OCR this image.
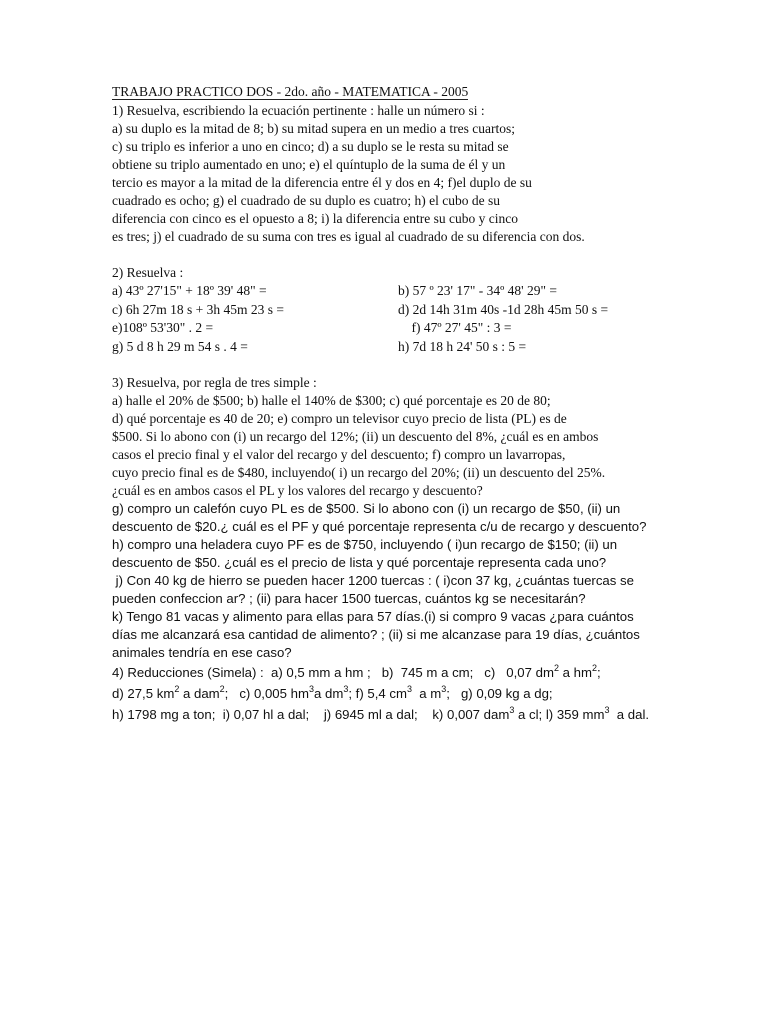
TRABAJO PRACTICO DOS - 2do. año - MATEMATICA - 2005
1) Resuelva, escribiendo la ecuación pertinente : halle un número si :
a) su duplo es la mitad de 8; b) su mitad supera en un medio a tres cuartos;
c) su triplo es inferior a uno en cinco; d) a su duplo se le resta su mitad se
obtiene su triplo aumentado en uno; e) el quíntuplo de la suma de él y un
tercio es mayor a la mitad de la diferencia entre él y dos en 4; f)el duplo de su
cuadrado es ocho; g) el cuadrado de su duplo es cuatro; h) el cubo de su
diferencia con cinco es el opuesto a 8; i) la diferencia entre su cubo y cinco
es tres; j) el cuadrado de su suma con tres es igual al cuadrado de su diferencia con dos.
2) Resuelva :
a) 43º 27'15" + 18º 39' 48" =	b) 57 º 23' 17" - 34º 48' 29" =
c) 6h 27m 18 s + 3h 45m 23 s =	d) 2d 14h 31m 40s -1d 28h 45m 50 s =
e)108º 53'30" . 2 =	f) 47º 27' 45" : 3 =
g) 5 d 8 h 29 m 54 s . 4 =	h) 7d 18 h 24' 50 s : 5 =
3) Resuelva, por regla de tres simple :
a) halle el 20% de $500; b) halle el 140% de $300; c) qué porcentaje es 20 de 80;
d) qué porcentaje es 40 de 20; e) compro un televisor cuyo precio de lista (PL) es de
$500. Si lo abono con (i) un recargo del 12%; (ii) un descuento del 8%, ¿cuál es en ambos
casos el precio final y el valor del recargo y del descuento; f) compro un lavarropas,
cuyo precio final es de $480, incluyendo( i) un recargo del 20%; (ii) un descuento del 25%.
¿cuál es en ambos casos el PL y los valores del recargo y descuento?
g) compro un calefón cuyo PL es de $500. Si lo abono con (i) un recargo de $50, (ii) un
descuento de $20.¿ cuál es el PF y qué porcentaje representa c/u de recargo y descuento?
h) compro una heladera cuyo PF es de $750, incluyendo ( i)un recargo de $150; (ii) un
descuento de $50. ¿cuál es el precio de lista y qué porcentaje representa cada uno?
j) Con 40 kg de hierro se pueden hacer 1200 tuercas : ( i)con 37 kg, ¿cuántas tuercas se
pueden confeccion ar? ; (ii) para hacer 1500 tuercas, cuántos kg se necesitarán?
k) Tengo 81 vacas y alimento para ellas para 57 días.(i) si compro 9 vacas ¿para cuántos
días me alcanzará esa cantidad de alimento? ; (ii) si me alcanzase para 19 días, ¿cuántos
animales tendría en ese caso?
4) Reducciones (Simela) :  a) 0,5 mm a hm ;   b)  745 m a cm;   c)   0,07 $dm^2$ a $hm^2$;
d) 27,5 $km^2$ a dam$^2$;   c) 0,005 $hm^3a$ $dm^3$; f) 5,4 $cm^3$  a $m^3$;   g) 0,09 kg a dg;
h) 1798 mg a ton;  i) 0,07 hl a dal;    j) 6945 ml a dal;    k) 0,007 dam$^3$ a cl; l) 359 $mm^3$  a dal.
